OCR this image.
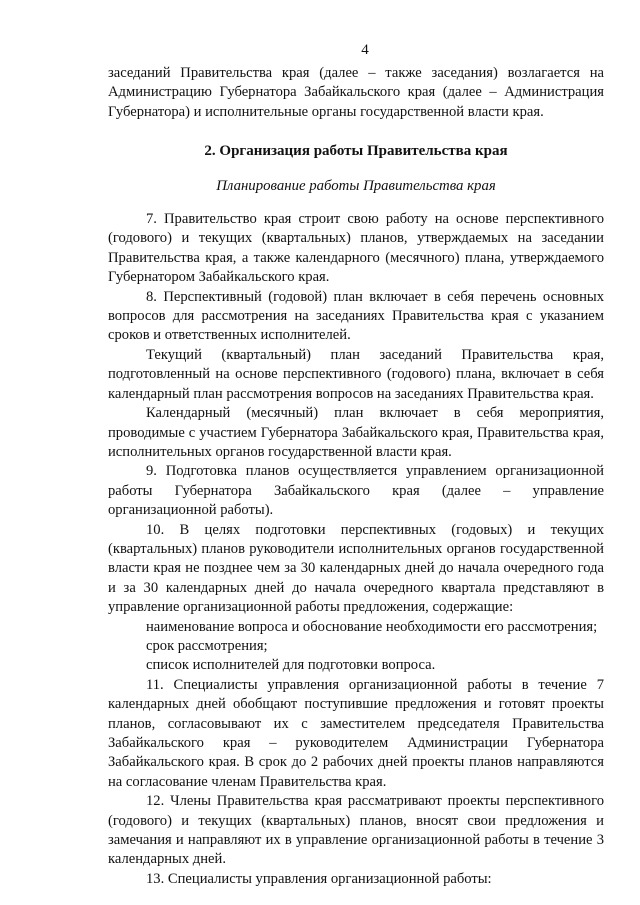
4

заседаний Правительства края (далее – также заседания) возлагается на Администрацию Губернатора Забайкальского края (далее – Администрация Губернатора) и исполнительные органы государственной власти края.

2. Организация работы Правительства края

Планирование работы Правительства края

7. Правительство края строит свою работу на основе перспективного (годового) и текущих (квартальных) планов, утверждаемых на заседании Правительства края, а также календарного (месячного) плана, утверждаемого Губернатором Забайкальского края.

8. Перспективный (годовой) план включает в себя перечень основных вопросов для рассмотрения на заседаниях Правительства края с указанием сроков и ответственных исполнителей.

Текущий (квартальный) план заседаний Правительства края, подготовленный на основе перспективного (годового) плана, включает в себя календарный план рассмотрения вопросов на заседаниях Правительства края.

Календарный (месячный) план включает в себя мероприятия, проводимые с участием Губернатора Забайкальского края, Правительства края, исполнительных органов государственной власти края.

9. Подготовка планов осуществляется управлением организационной работы Губернатора Забайкальского края (далее – управление организационной работы).

10. В целях подготовки перспективных (годовых) и текущих (квартальных) планов руководители исполнительных органов государственной власти края не позднее чем за 30 календарных дней до начала очередного года и за 30 календарных дней до начала очередного квартала представляют в управление организационной работы предложения, содержащие:

наименование вопроса и обоснование необходимости его рассмотрения;

срок рассмотрения;

список исполнителей для подготовки вопроса.

11. Специалисты управления организационной работы в течение 7 календарных дней обобщают поступившие предложения и готовят проекты планов, согласовывают их с заместителем председателя Правительства Забайкальского края – руководителем Администрации Губернатора Забайкальского края. В срок до 2 рабочих дней проекты планов направляются на согласование членам Правительства края.

12. Члены Правительства края рассматривают проекты перспективного (годового) и текущих (квартальных) планов, вносят свои предложения и замечания и направляют их в управление организационной работы в течение 3 календарных дней.

13. Специалисты управления организационной работы:
